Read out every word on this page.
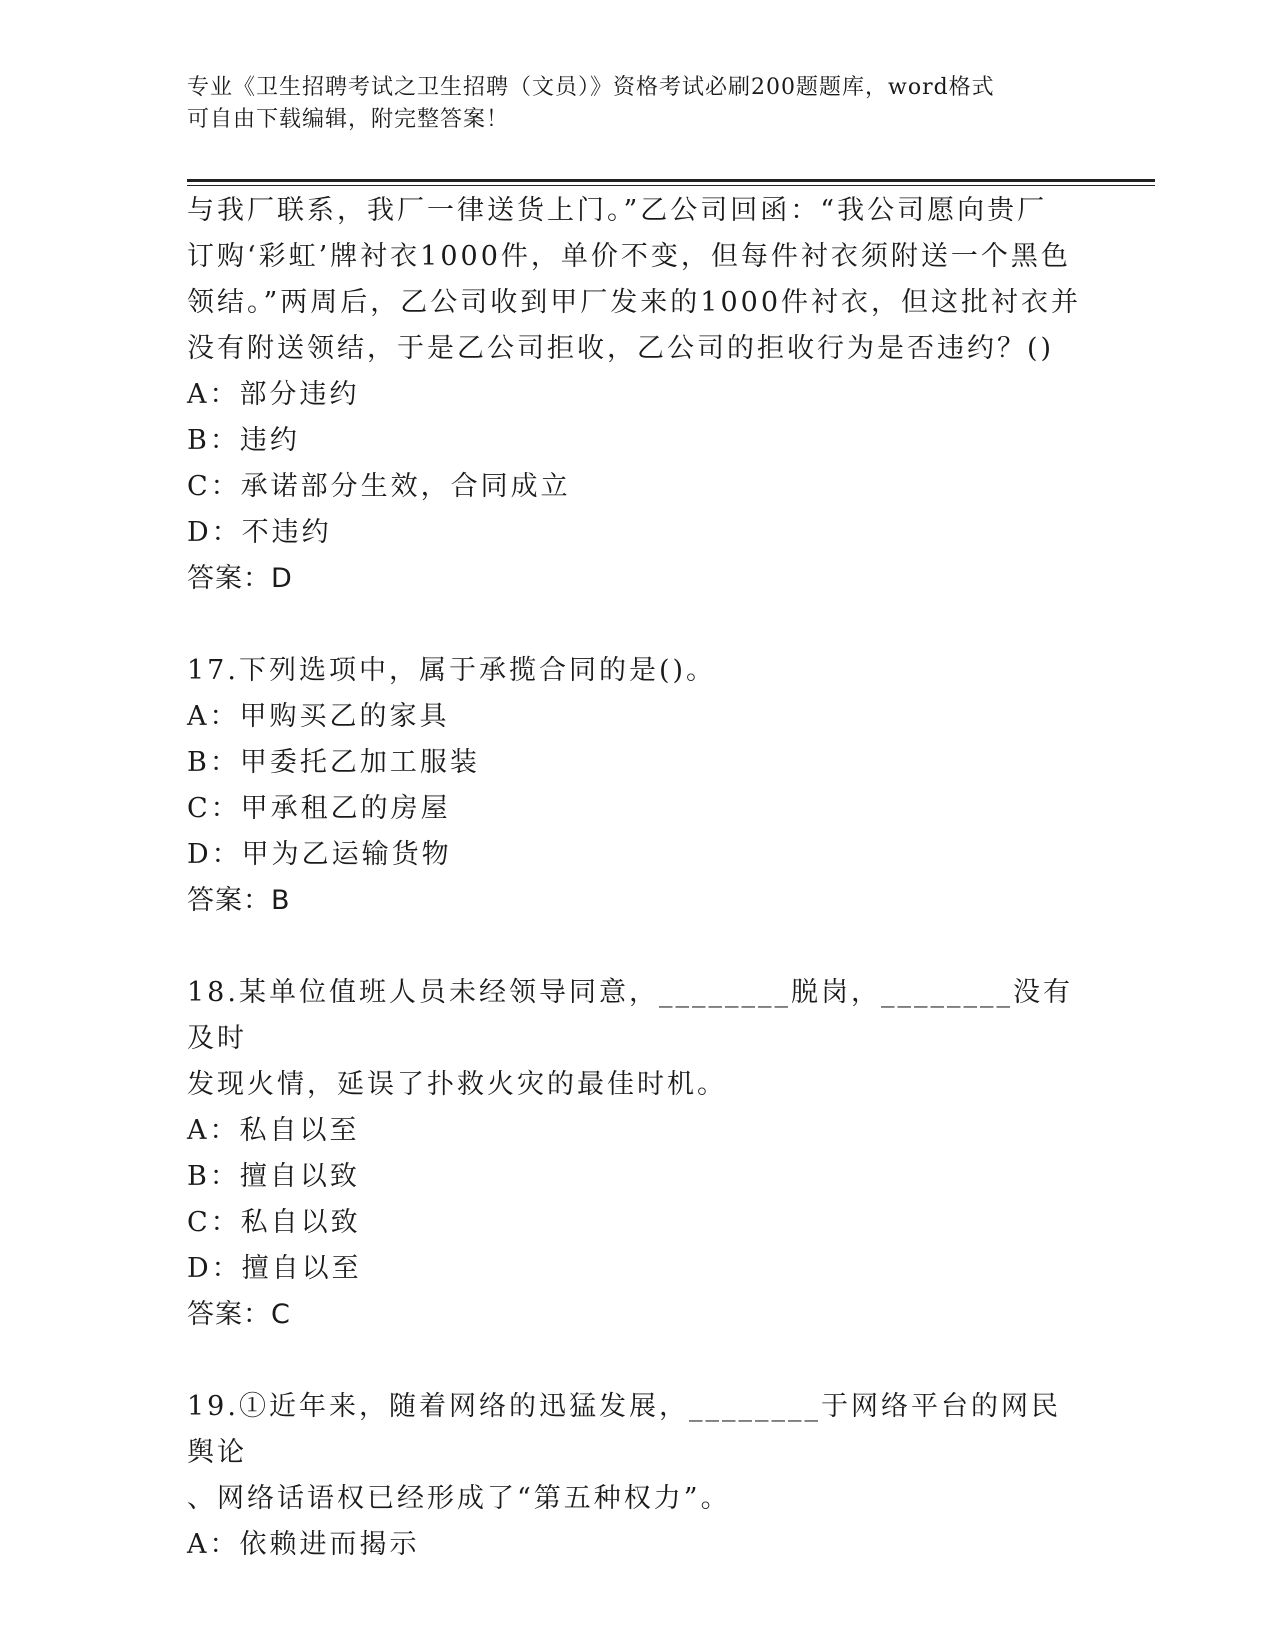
专业《卫生招聘考试之卫生招聘（文员）》资格考试必刷200题题库，word格式
可自由下载编辑，附完整答案！

与我厂联系，我厂一律送货上门。”乙公司回函：“我公司愿向贵厂

订购‘彩虹’牌衬衣1000件，单价不变，但每件衬衣须附送一个黑色

领结。”两周后，乙公司收到甲厂发来的1000件衬衣，但这批衬衣并

没有附送领结，于是乙公司拒收，乙公司的拒收行为是否违约？()

A：部分违约

B：违约

C：承诺部分生效，合同成立

D：不违约

答案：D

17.下列选项中，属于承揽合同的是()。

A：甲购买乙的家具

B：甲委托乙加工服装

C：甲承租乙的房屋

D：甲为乙运输货物

答案：B

18.某单位值班人员未经领导同意，________脱岗，________没有及时

发现火情，延误了扑救火灾的最佳时机。

A：私自以至

B：擅自以致

C：私自以致

D：擅自以至

答案：C

19.①近年来，随着网络的迅猛发展，________于网络平台的网民舆论

、网络话语权已经形成了“第五种权力”。

A：依赖进而揭示
